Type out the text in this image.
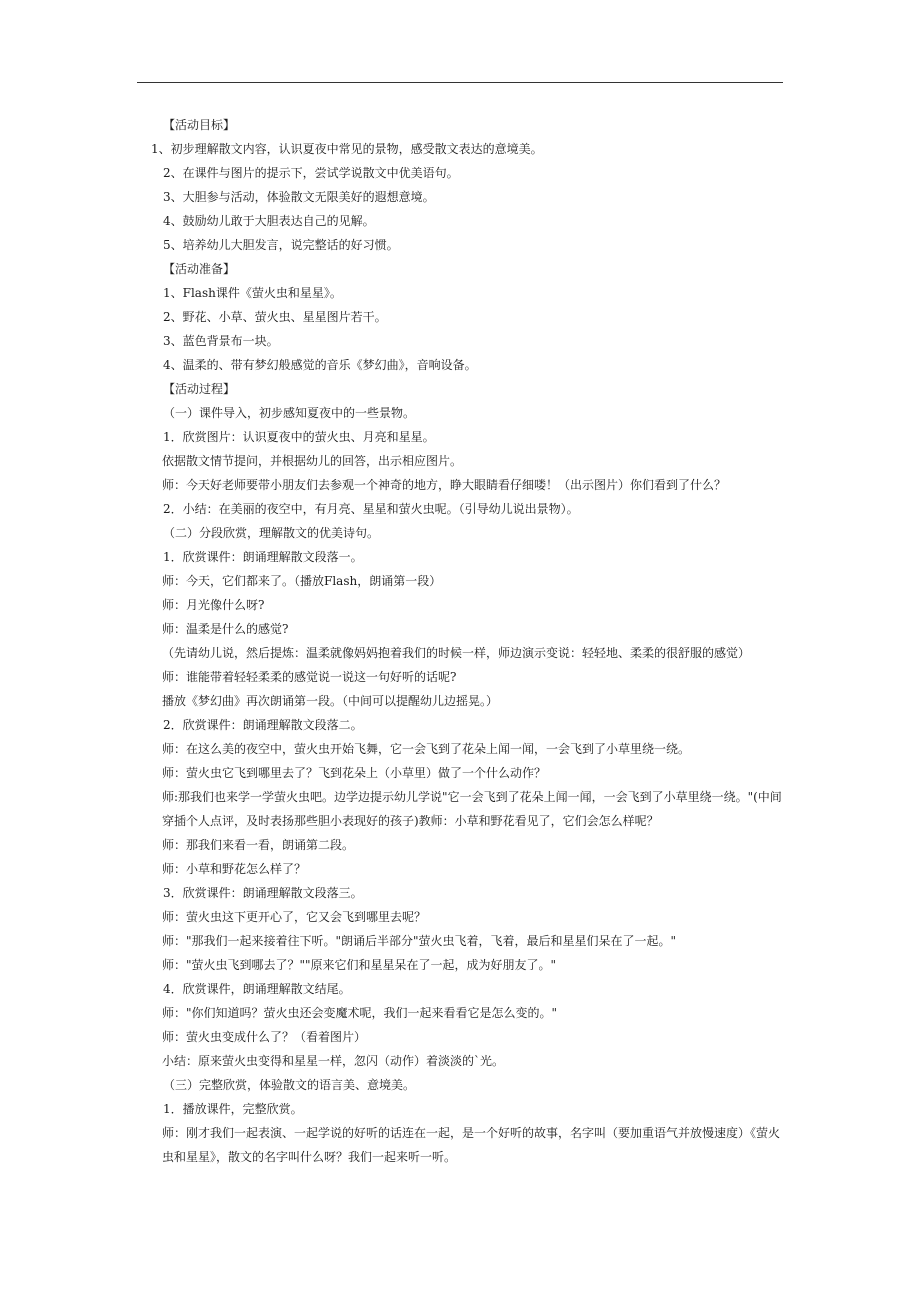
【活动目标】
1、初步理解散文内容，认识夏夜中常见的景物，感受散文表达的意境美。
2、在课件与图片的提示下，尝试学说散文中优美语句。
3、大胆参与活动，体验散文无限美好的遐想意境。
4、鼓励幼儿敢于大胆表达自己的见解。
5、培养幼儿大胆发言，说完整话的好习惯。
【活动准备】
1、Flash课件《萤火虫和星星》。
2、野花、小草、萤火虫、星星图片若干。
3、蓝色背景布一块。
4、温柔的、带有梦幻般感觉的音乐《梦幻曲》，音响设备。
【活动过程】
（一）课件导入，初步感知夏夜中的一些景物。
1．欣赏图片：认识夏夜中的萤火虫、月亮和星星。
依据散文情节提问，并根据幼儿的回答，出示相应图片。
师：今天好老师要带小朋友们去参观一个神奇的地方，睁大眼睛看仔细喽！（出示图片）你们看到了什么？
2．小结：在美丽的夜空中，有月亮、星星和萤火虫呢。（引导幼儿说出景物）。
（二）分段欣赏，理解散文的优美诗句。
1．欣赏课件：朗诵理解散文段落一。
师：今天，它们都来了。（播放Flash，朗诵第一段）
师：月光像什么呀?
师：温柔是什么的感觉?
（先请幼儿说，然后提炼：温柔就像妈妈抱着我们的时候一样，师边演示变说：轻轻地、柔柔的很舒服的感觉）
师：谁能带着轻轻柔柔的感觉说一说这一句好听的话呢?
播放《梦幻曲》再次朗诵第一段。（中间可以提醒幼儿边摇晃。）
2．欣赏课件：朗诵理解散文段落二。
师：在这么美的夜空中，萤火虫开始飞舞，它一会飞到了花朵上闻一闻，一会飞到了小草里绕一绕。
师：萤火虫它飞到哪里去了？飞到花朵上（小草里）做了一个什么动作？
师:那我们也来学一学萤火虫吧。边学边提示幼儿学说"它一会飞到了花朵上闻一闻，一会飞到了小草里绕一绕。"(中间穿插个人点评，及时表扬那些胆小表现好的孩子)教师：小草和野花看见了，它们会怎么样呢？
师：那我们来看一看，朗诵第二段。
师：小草和野花怎么样了？
3．欣赏课件：朗诵理解散文段落三。
师：萤火虫这下更开心了，它又会飞到哪里去呢？
师："那我们一起来接着往下听。"朗诵后半部分"萤火虫飞着，飞着，最后和星星们呆在了一起。"
师："萤火虫飞到哪去了？""原来它们和星星呆在了一起，成为好朋友了。"
4．欣赏课件，朗诵理解散文结尾。
师："你们知道吗？萤火虫还会变魔术呢，我们一起来看看它是怎么变的。"
师：萤火虫变成什么了？（看着图片）
小结：原来萤火虫变得和星星一样，忽闪（动作）着淡淡的`光。
（三）完整欣赏，体验散文的语言美、意境美。
1．播放课件，完整欣赏。
师：刚才我们一起表演、一起学说的好听的话连在一起，是一个好听的故事，名字叫（要加重语气并放慢速度）《萤火虫和星星》，散文的名字叫什么呀？我们一起来听一听。
